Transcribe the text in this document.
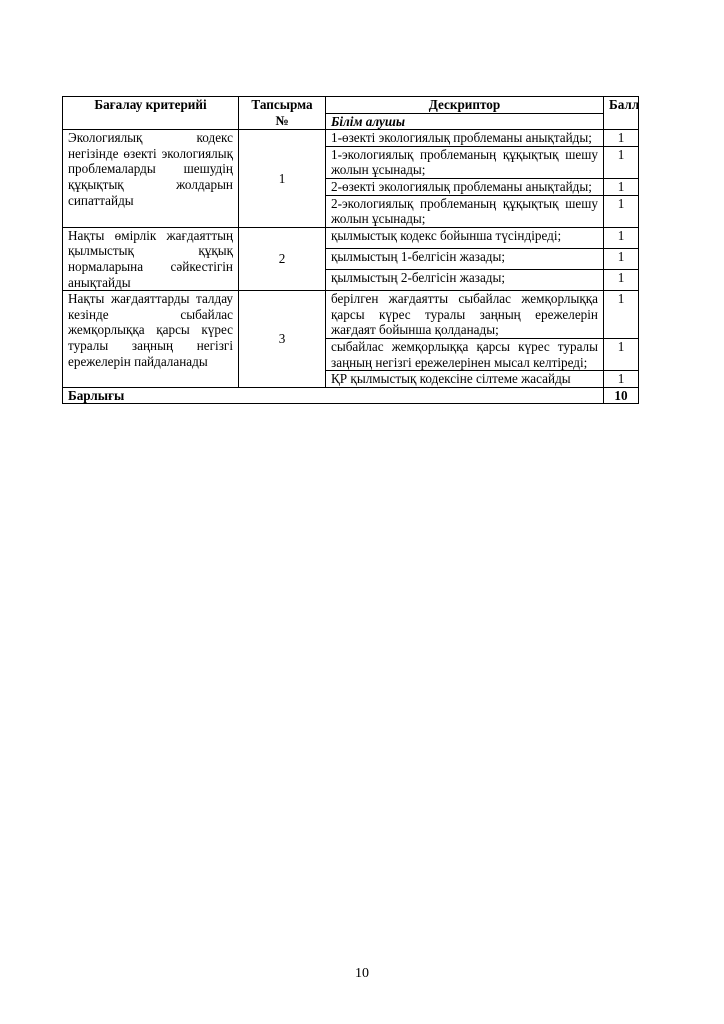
Бағалау критерийі	Тапсырма №	Дескриптор	Балл
		Білім алушы	
Экологиялық кодекс негізінде өзекті экологиялық проблемаларды шешудің құқықтық жолдарын сипаттайды	1	1-өзекті экологиялық проблеманы анықтайды;	1
		1-экологиялық проблеманың құқықтық шешу жолын ұсынады;	1
		2-өзекті экологиялық проблеманы анықтайды;	1
		2-экологиялық проблеманың құқықтық шешу жолын ұсынады;	1
Нақты өмірлік жағдаяттың қылмыстық құқық нормаларына сәйкестігін анықтайды	2	қылмыстық кодекс бойынша түсіндіреді;	1
		қылмыстың 1-белгісін жазады;	1
		қылмыстың 2-белгісін жазады;	1
Нақты жағдаяттарды талдау кезінде сыбайлас жемқорлыққа қарсы күрес туралы заңның негізгі ережелерін пайдаланады	3	берілген жағдаятты сыбайлас жемқорлыққа қарсы күрес туралы заңның ережелерін жағдаят бойынша қолданады;	1
		сыбайлас жемқорлыққа қарсы күрес туралы заңның негізгі ережелерінен мысал келтіреді;	1
		ҚР қылмыстық кодексіне сілтеме жасайды	1
Барлығы			10
10
